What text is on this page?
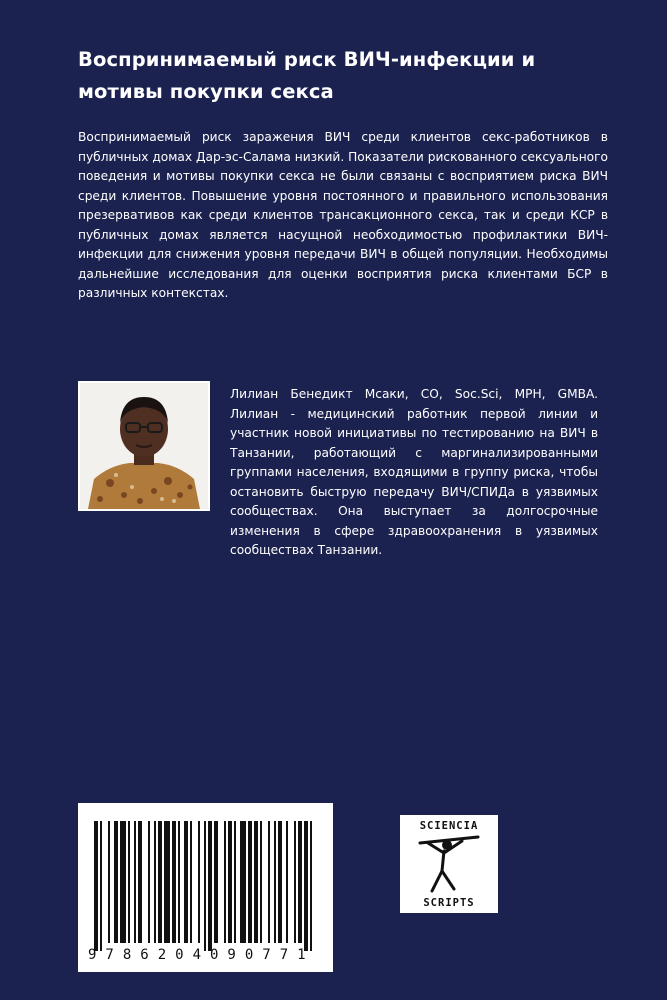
Воспринимаемый риск ВИЧ-инфекции и мотивы покупки секса
Воспринимаемый риск заражения ВИЧ среди клиентов секс-работников в публичных домах Дар-эс-Салама низкий. Показатели рискованного сексуального поведения и мотивы покупки секса не были связаны с восприятием риска ВИЧ среди клиентов. Повышение уровня постоянного и правильного использования презервативов как среди клиентов трансакционного секса, так и среди КСР в публичных домах является насущной необходимостью профилактики ВИЧ-инфекции для снижения уровня передачи ВИЧ в общей популяции. Необходимы дальнейшие исследования для оценки восприятия риска клиентами БСР в различных контекстах.
Лилиан Бенедикт Мсаки, CO, Soc.Sci, MPH, GMBA. Лилиан - медицинский работник первой линии и участник новой инициативы по тестированию на ВИЧ в Танзании, работающий с маргинализированными группами населения, входящими в группу риска, чтобы остановить быструю передачу ВИЧ/СПИДа в уязвимых сообществах. Она выступает за долгосрочные изменения в сфере здравоохранения в уязвимых сообществах Танзании.
9786204090771
SCIENCIA
SCRIPTS
